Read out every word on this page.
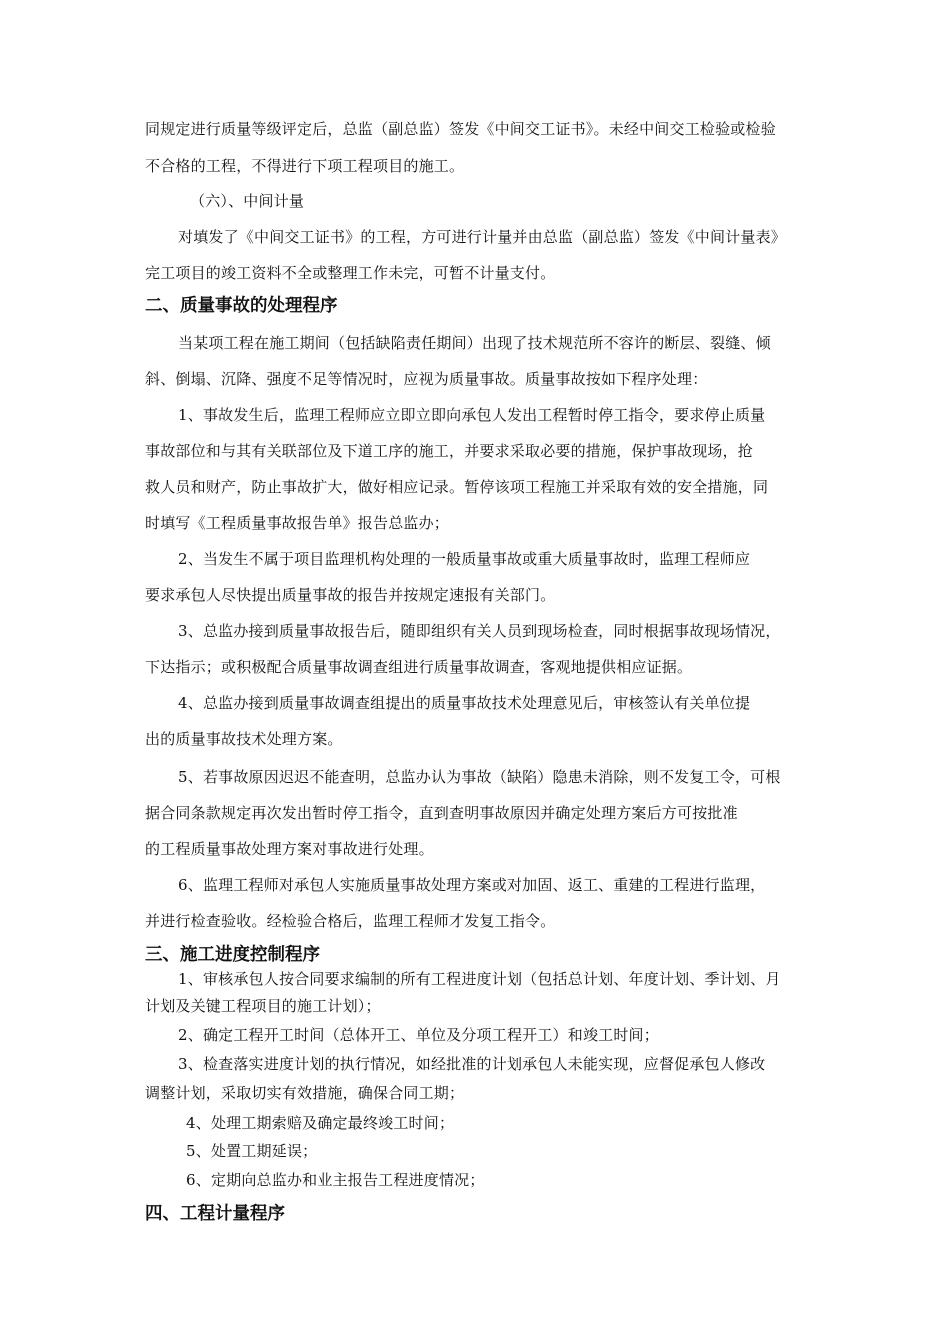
同规定进行质量等级评定后，总监（副总监）签发《中间交工证书》。未经中间交工检验或检验
不合格的工程，不得进行下项工程项目的施工。
（六）、中间计量
对填发了《中间交工证书》的工程，方可进行计量并由总监（副总监）签发《中间计量表》
完工项目的竣工资料不全或整理工作未完，可暂不计量支付。
二、质量事故的处理程序
当某项工程在施工期间（包括缺陷责任期间）出现了技术规范所不容许的断层、裂缝、倾
斜、倒塌、沉降、强度不足等情况时，应视为质量事故。质量事故按如下程序处理：
1、事故发生后，监理工程师应立即立即向承包人发出工程暂时停工指令，要求停止质量
事故部位和与其有关联部位及下道工序的施工，并要求采取必要的措施，保护事故现场，抢
救人员和财产，防止事故扩大，做好相应记录。暂停该项工程施工并采取有效的安全措施，同
时填写《工程质量事故报告单》报告总监办；
2、当发生不属于项目监理机构处理的一般质量事故或重大质量事故时，监理工程师应
要求承包人尽快提出质量事故的报告并按规定速报有关部门。
3、总监办接到质量事故报告后，随即组织有关人员到现场检查，同时根据事故现场情况，
下达指示；或积极配合质量事故调查组进行质量事故调查，客观地提供相应证据。
4、总监办接到质量事故调查组提出的质量事故技术处理意见后，审核签认有关单位提
出的质量事故技术处理方案。
5、若事故原因迟迟不能查明，总监办认为事故（缺陷）隐患未消除，则不发复工令，可根
据合同条款规定再次发出暂时停工指令，直到查明事故原因并确定处理方案后方可按批准
的工程质量事故处理方案对事故进行处理。
6、监理工程师对承包人实施质量事故处理方案或对加固、返工、重建的工程进行监理，
并进行检查验收。经检验合格后，监理工程师才发复工指令。
三、施工进度控制程序
1、审核承包人按合同要求编制的所有工程进度计划（包括总计划、年度计划、季计划、月
计划及关键工程项目的施工计划）；
2、确定工程开工时间（总体开工、单位及分项工程开工）和竣工时间；
3、检查落实进度计划的执行情况，如经批准的计划承包人未能实现，应督促承包人修改
调整计划，采取切实有效措施，确保合同工期；
4、处理工期索赔及确定最终竣工时间；
5、处置工期延误；
6、定期向总监办和业主报告工程进度情况；
四、工程计量程序
